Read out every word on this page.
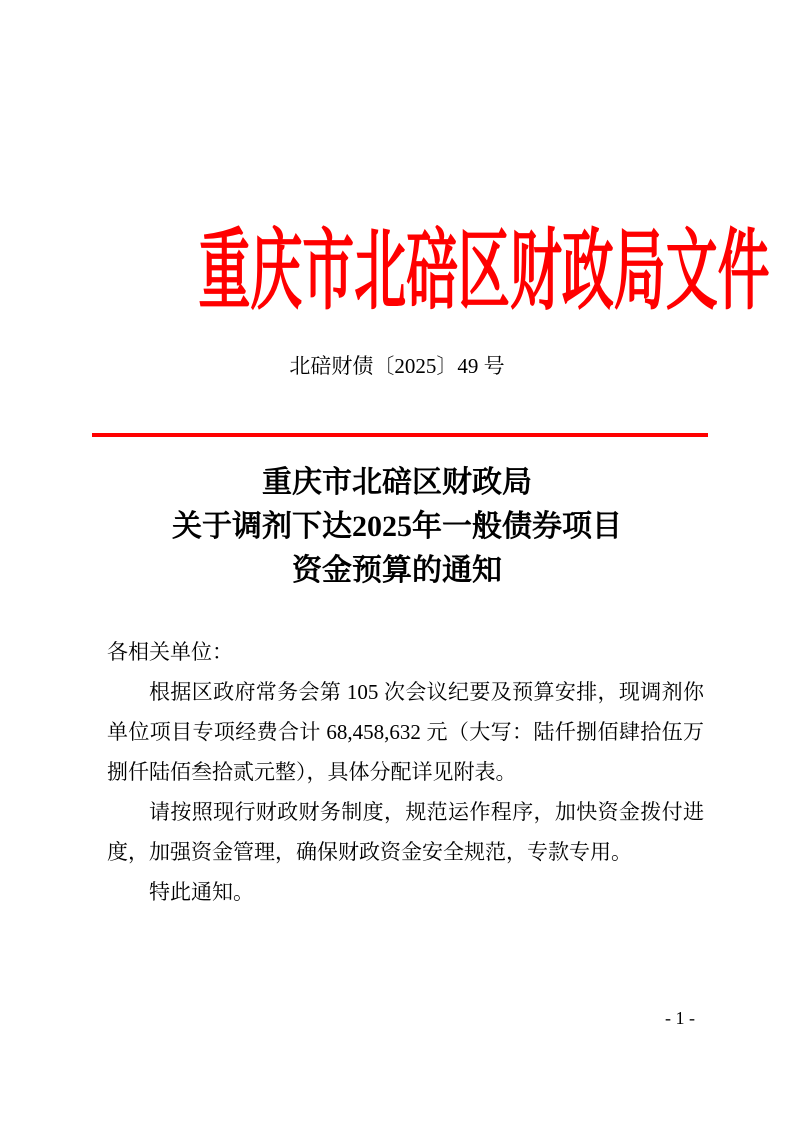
重庆市北碚区财政局文件
北碚财债〔2025〕49 号
重庆市北碚区财政局
关于调剂下达2025年一般债券项目
资金预算的通知
各相关单位：
根据区政府常务会第 105 次会议纪要及预算安排，现调剂你
单位项目专项经费合计 68,458,632 元（大写：陆仟捌佰肆拾伍万
捌仟陆佰叁拾贰元整），具体分配详见附表。
请按照现行财政财务制度，规范运作程序，加快资金拨付进
度，加强资金管理，确保财政资金安全规范，专款专用。
特此通知。
- 1 -
